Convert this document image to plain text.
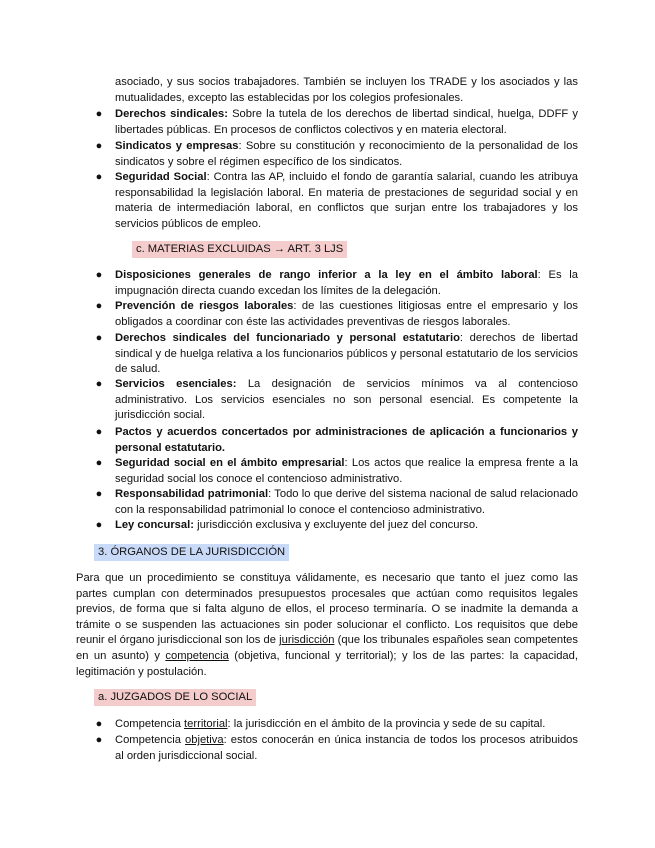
asociado, y sus socios trabajadores. También se incluyen los TRADE y los asociados y las mutualidades, excepto las establecidas por los colegios profesionales.
● Derechos sindicales: Sobre la tutela de los derechos de libertad sindical, huelga, DDFF y libertades públicas. En procesos de conflictos colectivos y en materia electoral.
● Sindicatos y empresas: Sobre su constitución y reconocimiento de la personalidad de los sindicatos y sobre el régimen específico de los sindicatos.
● Seguridad Social: Contra las AP, incluido el fondo de garantía salarial, cuando les atribuya responsabilidad la legislación laboral. En materia de prestaciones de seguridad social y en materia de intermediación laboral, en conflictos que surjan entre los trabajadores y los servicios públicos de empleo.
c. MATERIAS EXCLUIDAS → ART. 3 LJS
● Disposiciones generales de rango inferior a la ley en el ámbito laboral: Es la impugnación directa cuando excedan los límites de la delegación.
● Prevención de riesgos laborales: de las cuestiones litigiosas entre el empresario y los obligados a coordinar con éste las actividades preventivas de riesgos laborales.
● Derechos sindicales del funcionariado y personal estatutario: derechos de libertad sindical y de huelga relativa a los funcionarios públicos y personal estatutario de los servicios de salud.
● Servicios esenciales: La designación de servicios mínimos va al contencioso administrativo. Los servicios esenciales no son personal esencial. Es competente la jurisdicción social.
● Pactos y acuerdos concertados por administraciones de aplicación a funcionarios y personal estatutario.
● Seguridad social en el ámbito empresarial: Los actos que realice la empresa frente a la seguridad social los conoce el contencioso administrativo.
● Responsabilidad patrimonial: Todo lo que derive del sistema nacional de salud relacionado con la responsabilidad patrimonial lo conoce el contencioso administrativo.
● Ley concursal: jurisdicción exclusiva y excluyente del juez del concurso.
3. ÓRGANOS DE LA JURISDICCIÓN
Para que un procedimiento se constituya válidamente, es necesario que tanto el juez como las partes cumplan con determinados presupuestos procesales que actúan como requisitos legales previos, de forma que si falta alguno de ellos, el proceso terminaría. O se inadmite la demanda a trámite o se suspenden las actuaciones sin poder solucionar el conflicto. Los requisitos que debe reunir el órgano jurisdiccional son los de jurisdicción (que los tribunales españoles sean competentes en un asunto) y competencia (objetiva, funcional y territorial); y los de las partes: la capacidad, legitimación y postulación.
a. JUZGADOS DE LO SOCIAL
● Competencia territorial: la jurisdicción en el ámbito de la provincia y sede de su capital.
● Competencia objetiva: estos conocerán en única instancia de todos los procesos atribuidos al orden jurisdiccional social.
